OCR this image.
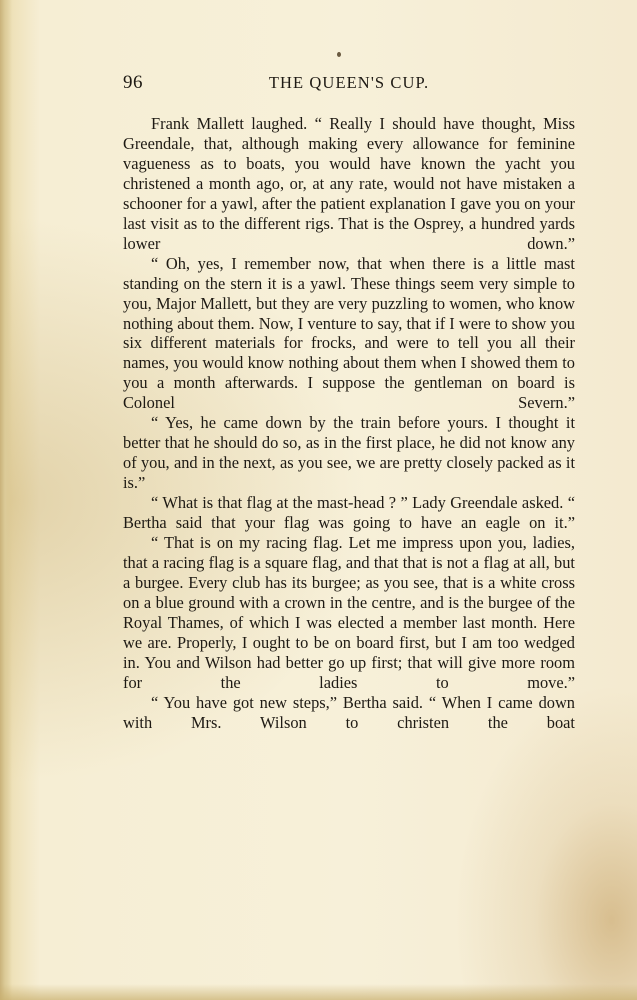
96	THE QUEEN'S CUP.

Frank Mallett laughed. “ Really I should have thought, Miss Greendale, that, although making every allowance for feminine vagueness as to boats, you would have known the yacht you christened a month ago, or, at any rate, would not have mistaken a schooner for a yawl, after the patient explanation I gave you on your last visit as to the different rigs. That is the Osprey, a hundred yards lower down.”

“ Oh, yes, I remember now, that when there is a little mast standing on the stern it is a yawl. These things seem very simple to you, Major Mallett, but they are very puzzling to women, who know nothing about them. Now, I venture to say, that if I were to show you six different materials for frocks, and were to tell you all their names, you would know nothing about them when I showed them to you a month afterwards. I suppose the gentleman on board is Colonel Severn.”

“ Yes, he came down by the train before yours. I thought it better that he should do so, as in the first place, he did not know any of you, and in the next, as you see, we are pretty closely packed as it is.”

“ What is that flag at the mast-head ? ” Lady Greendale asked. “ Bertha said that your flag was going to have an eagle on it.”

“ That is on my racing flag. Let me impress upon you, ladies, that a racing flag is a square flag, and that that is not a flag at all, but a burgee. Every club has its burgee; as you see, that is a white cross on a blue ground with a crown in the centre, and is the burgee of the Royal Thames, of which I was elected a member last month. Here we are. Properly, I ought to be on board first, but I am too wedged in. You and Wilson had better go up first; that will give more room for the ladies to move.”

“ You have got new steps,” Bertha said. “ When I came down with Mrs. Wilson to christen the boat
